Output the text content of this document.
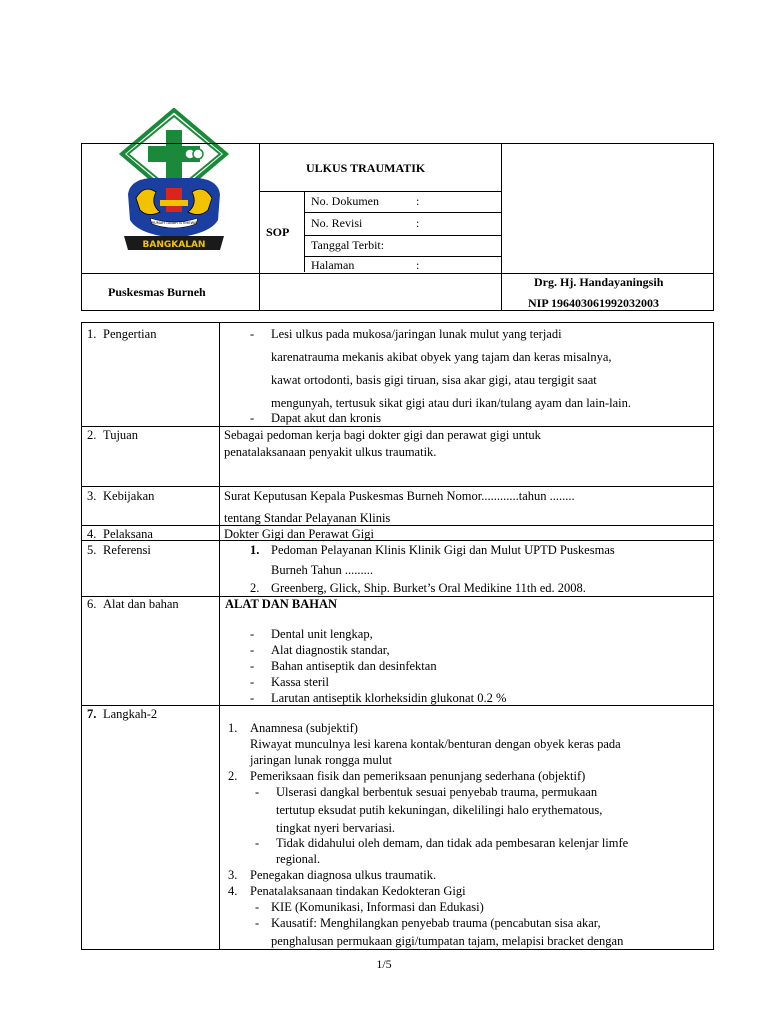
RUMAH TANAH ISTIMEWA
BANGKALAN
ULKUS TRAUMATIK
SOP
No. Dokumen	:
No. Revisi	:
Tanggal Terbit:
Halaman	:
Puskesmas Burneh
Drg. Hj. Handayaningsih
NIP 196403061992032003
1. Pengertian	- Lesi ulkus pada mukosa/jaringan lunak mulut yang terjadi
karenatrauma mekanis akibat obyek yang tajam dan keras misalnya,
kawat ortodonti, basis gigi tiruan, sisa akar gigi, atau tergigit saat
mengunyah, tertusuk sikat gigi atau duri ikan/tulang ayam dan lain-lain.
- Dapat akut dan kronis
2. Tujuan	Sebagai pedoman kerja bagi dokter gigi dan perawat gigi untuk
penatalaksanaan penyakit ulkus traumatik.
3. Kebijakan	Surat Keputusan Kepala Puskesmas Burneh Nomor............tahun ........
tentang Standar Pelayanan Klinis
4. Pelaksana	Dokter Gigi dan Perawat Gigi
5. Referensi	1. Pedoman Pelayanan Klinis Klinik Gigi dan Mulut UPTD Puskesmas
Burneh Tahun .........
2. Greenberg, Glick, Ship. Burket’s Oral Medikine 11th ed. 2008.
6. Alat dan bahan	ALAT DAN BAHAN
- Dental unit lengkap,
- Alat diagnostik standar,
- Bahan antiseptik dan desinfektan
- Kassa steril
- Larutan antiseptik klorheksidin glukonat 0.2 %
7. Langkah-2
1. Anamnesa (subjektif)
Riwayat munculnya lesi karena kontak/benturan dengan obyek keras pada
jaringan lunak rongga mulut
2. Pemeriksaan fisik dan pemeriksaan penunjang sederhana (objektif)
- Ulserasi dangkal berbentuk sesuai penyebab trauma, permukaan
tertutup eksudat putih kekuningan, dikelilingi halo erythematous,
tingkat nyeri bervariasi.
- Tidak didahului oleh demam, dan tidak ada pembesaran kelenjar limfe
regional.
3. Penegakan diagnosa ulkus traumatik.
4. Penatalaksanaan tindakan Kedokteran Gigi
- KIE (Komunikasi, Informasi dan Edukasi)
- Kausatif: Menghilangkan penyebab trauma (pencabutan sisa akar,
penghalusan permukaan gigi/tumpatan tajam, melapisi bracket dengan
1/5
